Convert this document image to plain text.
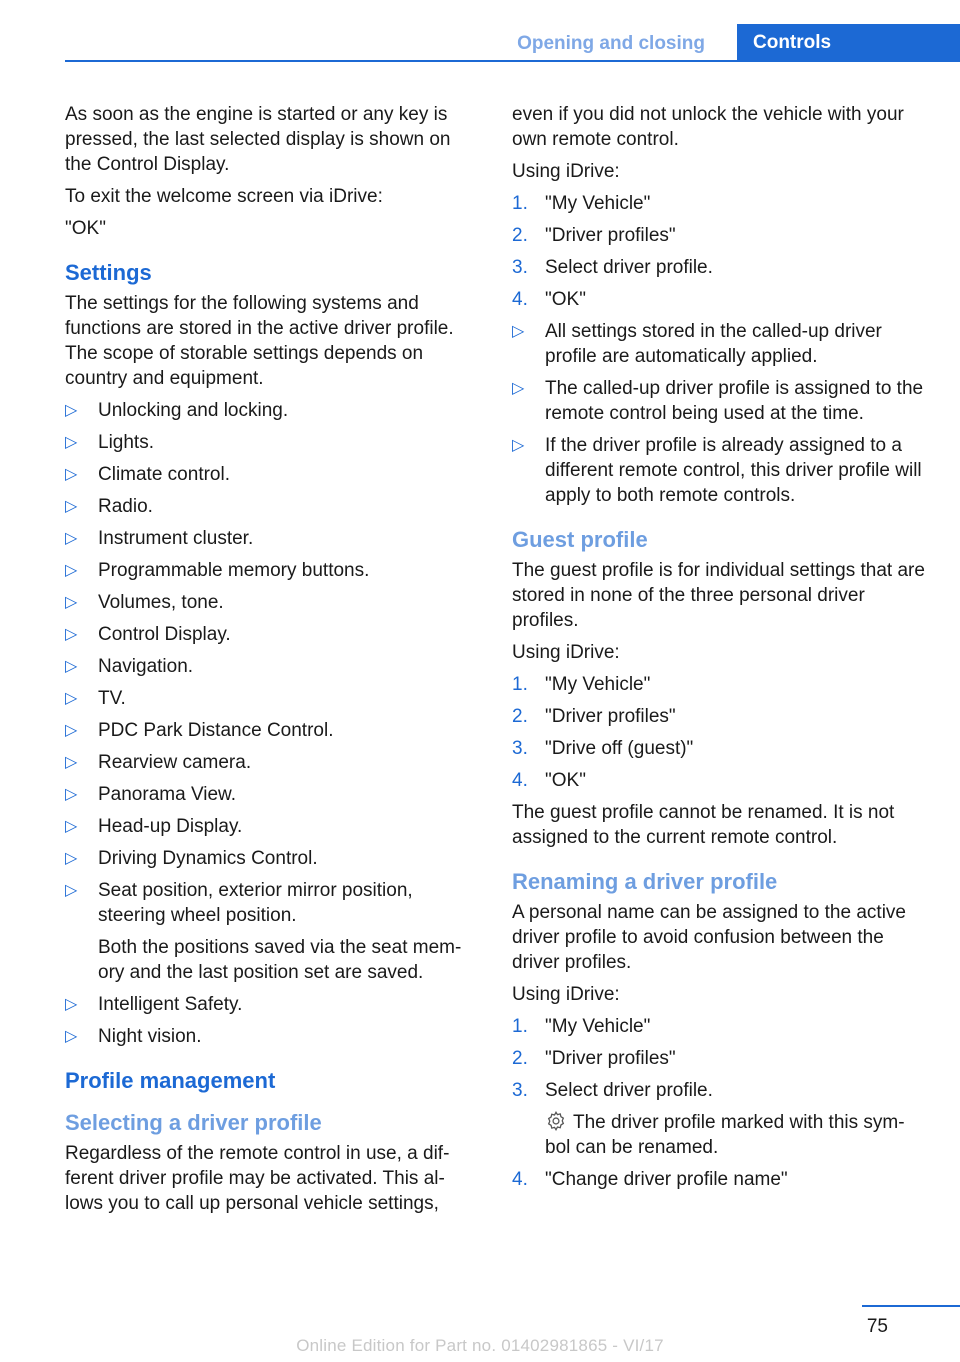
Opening and closing	Controls

As soon as the engine is started or any key is pressed, the last selected display is shown on the Control Display.

To exit the welcome screen via iDrive:

"OK"

Settings

The settings for the following systems and functions are stored in the active driver profile. The scope of storable settings depends on country and equipment.

▷ Unlocking and locking.
▷ Lights.
▷ Climate control.
▷ Radio.
▷ Instrument cluster.
▷ Programmable memory buttons.
▷ Volumes, tone.
▷ Control Display.
▷ Navigation.
▷ TV.
▷ PDC Park Distance Control.
▷ Rearview camera.
▷ Panorama View.
▷ Head-up Display.
▷ Driving Dynamics Control.
▷ Seat position, exterior mirror position, steering wheel position.
Both the positions saved via the seat mem-ory and the last position set are saved.
▷ Intelligent Safety.
▷ Night vision.
Profile management
Selecting a driver profile

Regardless of the remote control in use, a dif-ferent driver profile may be activated. This al-lows you to call up personal vehicle settings,

even if you did not unlock the vehicle with your own remote control.

Using iDrive:

1. "My Vehicle"
2. "Driver profiles"
3. Select driver profile.
4. "OK"
▷ All settings stored in the called-up driver profile are automatically applied.
▷ The called-up driver profile is assigned to the remote control being used at the time.
▷ If the driver profile is already assigned to a different remote control, this driver profile will apply to both remote controls.
Guest profile

The guest profile is for individual settings that are stored in none of the three personal driver profiles.

Using iDrive:

1. "My Vehicle"
2. "Driver profiles"
3. "Drive off (guest)"
4. "OK"

The guest profile cannot be renamed. It is not assigned to the current remote control.

Renaming a driver profile

A personal name can be assigned to the active driver profile to avoid confusion between the driver profiles.

Using iDrive:

1. "My Vehicle"
2. "Driver profiles"
3. Select driver profile.
The driver profile marked with this sym-bol can be renamed.
4. "Change driver profile name"
75
Online Edition for Part no. 01402981865 - VI/17
